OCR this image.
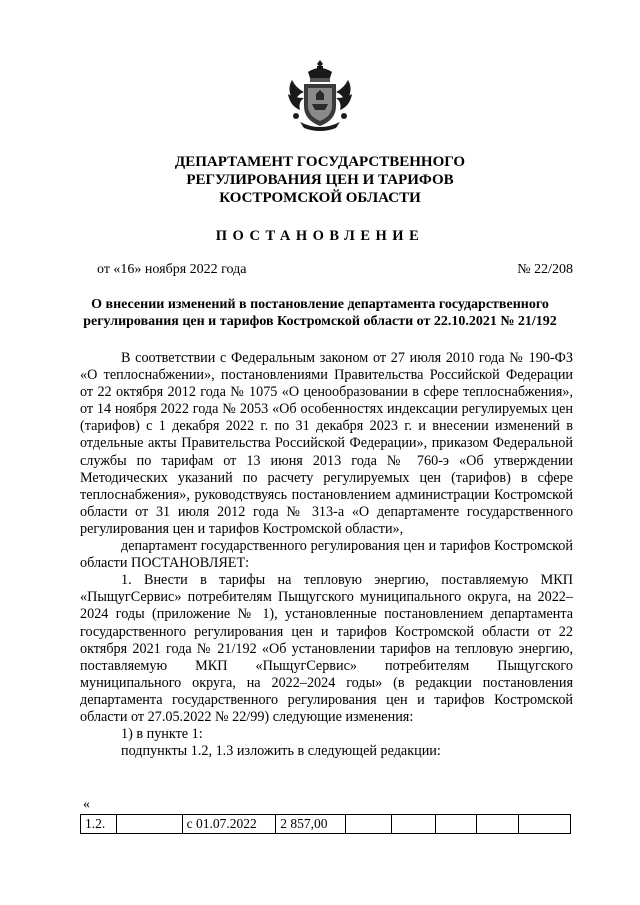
ДЕПАРТАМЕНТ ГОСУДАРСТВЕННОГО
РЕГУЛИРОВАНИЯ ЦЕН И ТАРИФОВ
КОСТРОМСКОЙ ОБЛАСТИ
ПОСТАНОВЛЕНИЕ
от «16» ноября 2022 года	№ 22/208
О внесении изменений в постановление департамента государственного регулирования цен и тарифов Костромской области от 22.10.2021 № 21/192

В соответствии с Федеральным законом от 27 июля 2010 года № 190-ФЗ «О теплоснабжении», постановлениями Правительства Российской Федерации от 22 октября 2012 года № 1075 «О ценообразовании в сфере теплоснабжения», от 14 ноября 2022 года № 2053 «Об особенностях индексации регулируемых цен (тарифов) с 1 декабря 2022 г. по 31 декабря 2023 г. и внесении изменений в отдельные акты Правительства Российской Федерации», приказом Федеральной службы по тарифам от 13 июня 2013 года № 760-э «Об утверждении Методических указаний по расчету регулируемых цен (тарифов) в сфере теплоснабжения», руководствуясь постановлением администрации Костромской области от 31 июля 2012 года № 313-а «О департаменте государственного регулирования цен и тарифов Костромской области»,

департамент государственного регулирования цен и тарифов Костромской области ПОСТАНОВЛЯЕТ:

1. Внести в тарифы на тепловую энергию, поставляемую МКП «ПыщугСервис» потребителям Пыщугского муниципального округа, на 2022–2024 годы (приложение № 1), установленные постановлением департамента государственного регулирования цен и тарифов Костромской области от 22 октября 2021 года № 21/192 «Об установлении тарифов на тепловую энергию, поставляемую МКП «ПыщугСервис» потребителям Пыщугского муниципального округа, на 2022–2024 годы» (в редакции постановления департамента государственного регулирования цен и тарифов Костромской области от 27.05.2022 № 22/99) следующие изменения:

1) в пункте 1:

подпункты 1.2, 1.3 изложить в следующей редакции:

«
1.2.	с 01.07.2022	2 857,00
